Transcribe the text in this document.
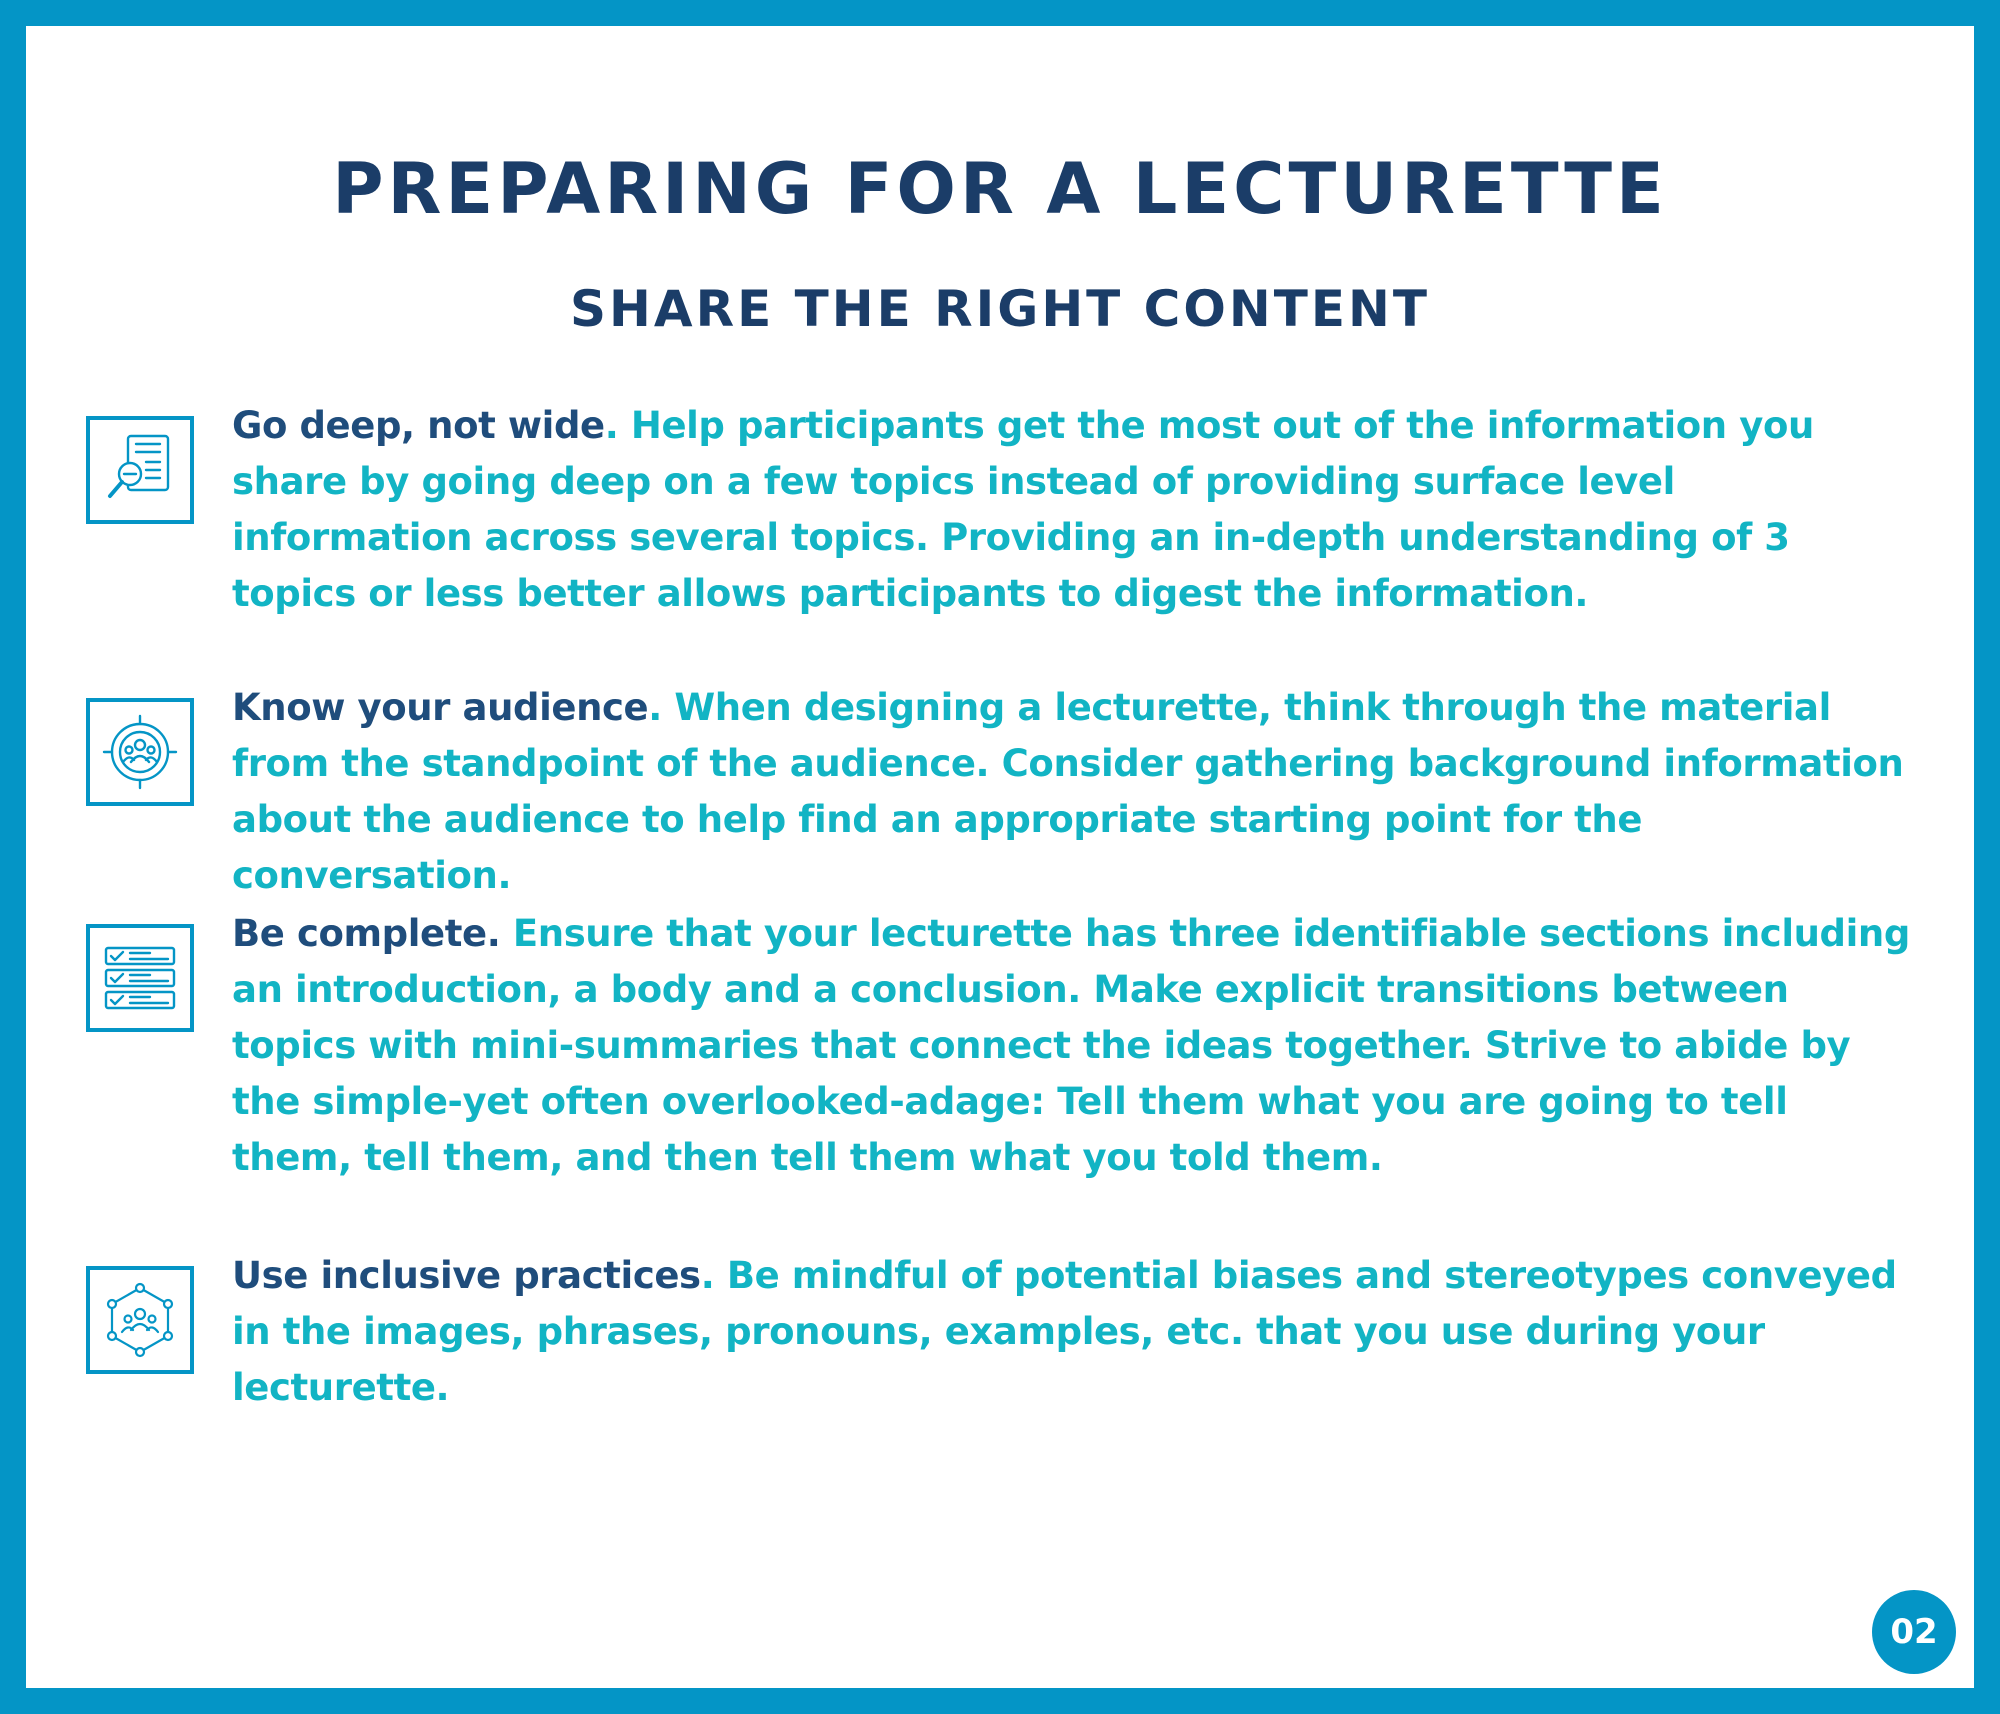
PREPARING FOR A LECTURETTE
SHARE THE RIGHT CONTENT

Go deep, not wide. Help participants get the most out of the information you share by going deep on a few topics instead of providing surface level information across several topics. Providing an in-depth understanding of 3 topics or less better allows participants to digest the information.

Know your audience. When designing a lecturette, think through the material from the standpoint of the audience. Consider gathering background information about the audience to help find an appropriate starting point for the conversation.

Be complete. Ensure that your lecturette has three identifiable sections including an introduction, a body and a conclusion. Make explicit transitions between topics with mini-summaries that connect the ideas together. Strive to abide by the simple-yet often overlooked-adage: Tell them what you are going to tell them, tell them, and then tell them what you told them.

Use inclusive practices. Be mindful of potential biases and stereotypes conveyed in the images, phrases, pronouns, examples, etc. that you use during your lecturette.

02
